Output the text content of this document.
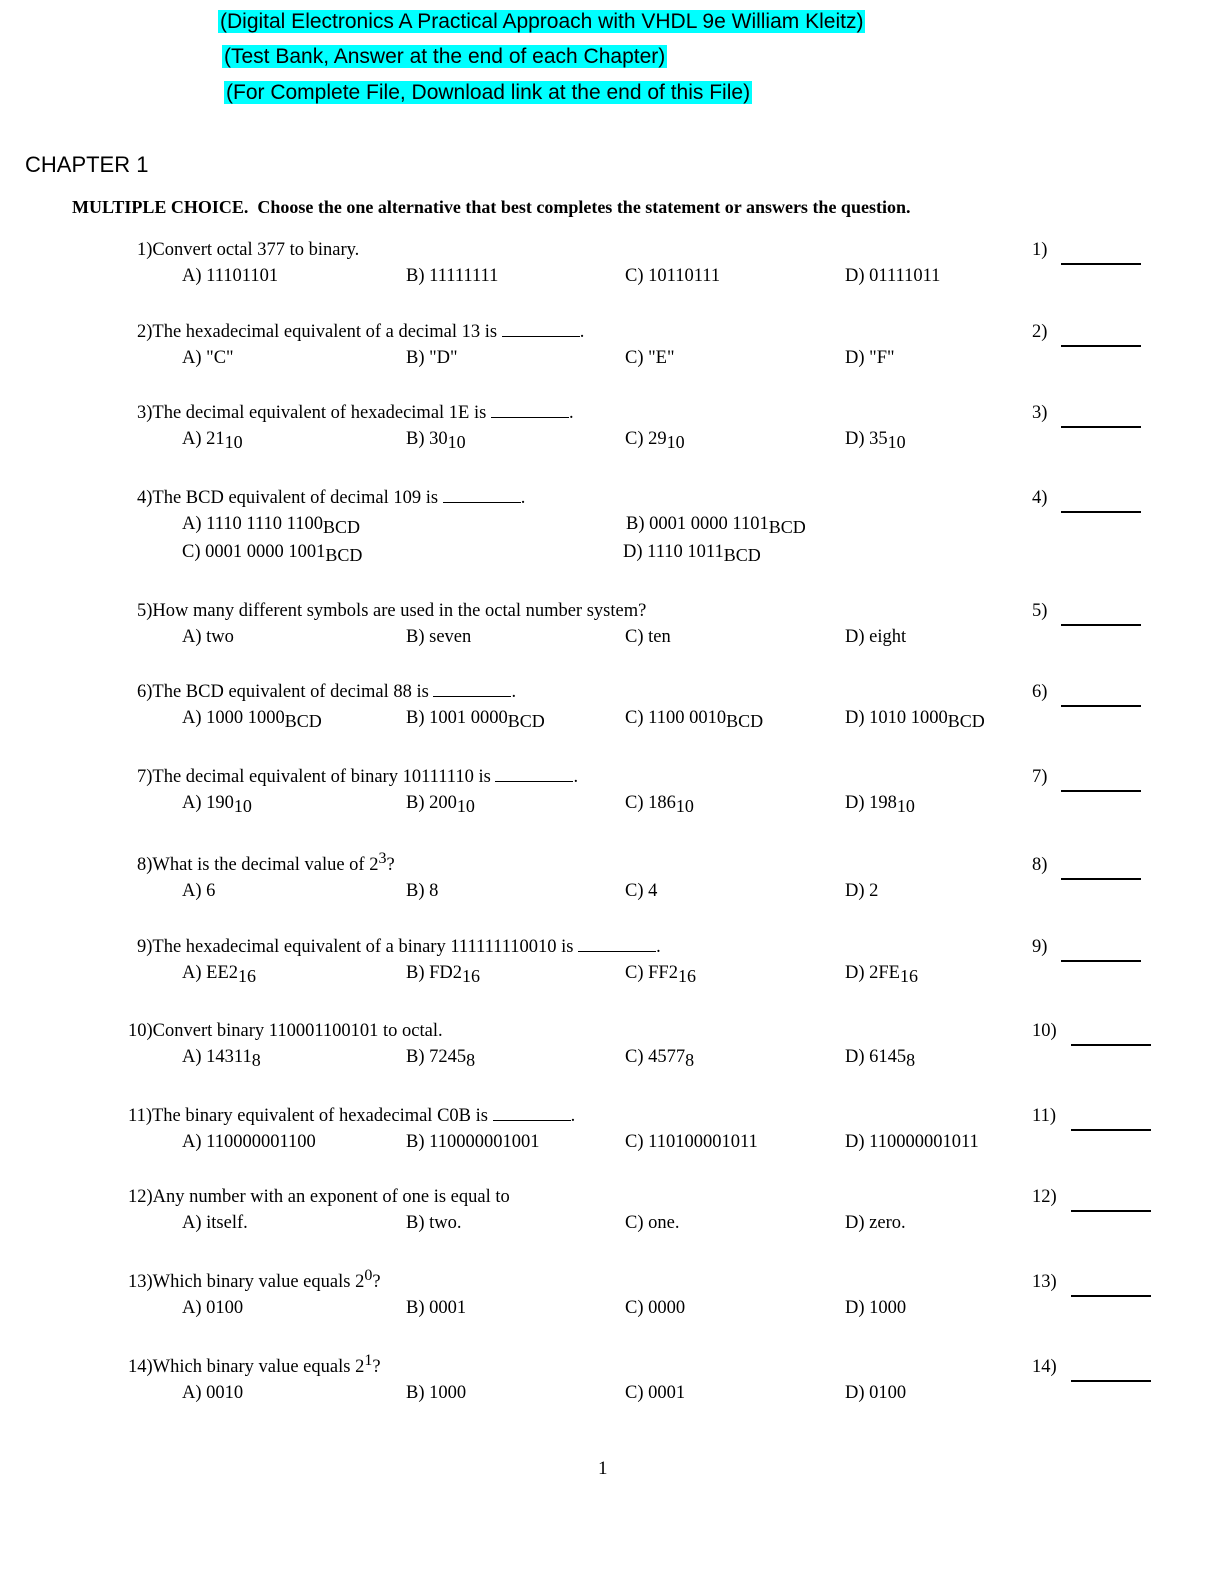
(Digital Electronics A Practical Approach with VHDL 9e William Kleitz)
(Test Bank, Answer at the end of each Chapter)
(For Complete File, Download link at the end of this File)
CHAPTER 1
MULTIPLE CHOICE. Choose the one alternative that best completes the statement or answers the question.
1)Convert octal 377 to binary.	1)
A) 11101101	B) 11111111	C) 10110111	D) 01111011
2)The hexadecimal equivalent of a decimal 13 is	.	2)
A) "C"	B) "D"	C) "E"	D) "F"
3)The decimal equivalent of hexadecimal 1E is	.	3)
A) $21_{10}$	B) $30_{10}$	C) $29_{10}$	D) $35_{10}$
4)The BCD equivalent of decimal 109 is	.	4)
A) 1110 1110 $1100_{BCD}$	B) 0001 0000 $1101_{BCD}$
C) 0001 0000 $1001_{BCD}$	D) 1110 $1011_{BCD}$
5)How many different symbols are used in the octal number system?	5)
A) two	B) seven	C) ten	D) eight
6)The BCD equivalent of decimal 88 is	.	6)
A) 1000 $1000_{BCD}$	B) 1001 $0000_{BCD}$	C) 1100 $0010_{BCD}$	D) 1010 $1000_{BCD}$
7)The decimal equivalent of binary 10111110 is	.	7)
A) $190_{10}$	B) $200_{10}$	C) $186_{10}$	D) $198_{10}$
8)What is the decimal value of $2^3$?	8)
A) 6	B) 8	C) 4	D) 2
9)The hexadecimal equivalent of a binary 111111110010 is	.	9)
A) $EE2_{16}$	B) $FD2_{16}$	C) $FF2_{16}$	D) $2FE_{16}$
10)Convert binary 110001100101 to octal.	10)
A) $14311_8$	B) $7245_8$	C) $4577_8$	D) $6145_8$
11)The binary equivalent of hexadecimal C0B is	.	11)
A) 110000001100	B) 110000001001	C) 110100001011	D) 110000001011
12)Any number with an exponent of one is equal to	12)
A) itself.	B) two.	C) one.	D) zero.
13)Which binary value equals $2^0$?	13)
A) 0100	B) 0001	C) 0000	D) 1000
14)Which binary value equals $2^1$?	14)
A) 0010	B) 1000	C) 0001	D) 0100
1
